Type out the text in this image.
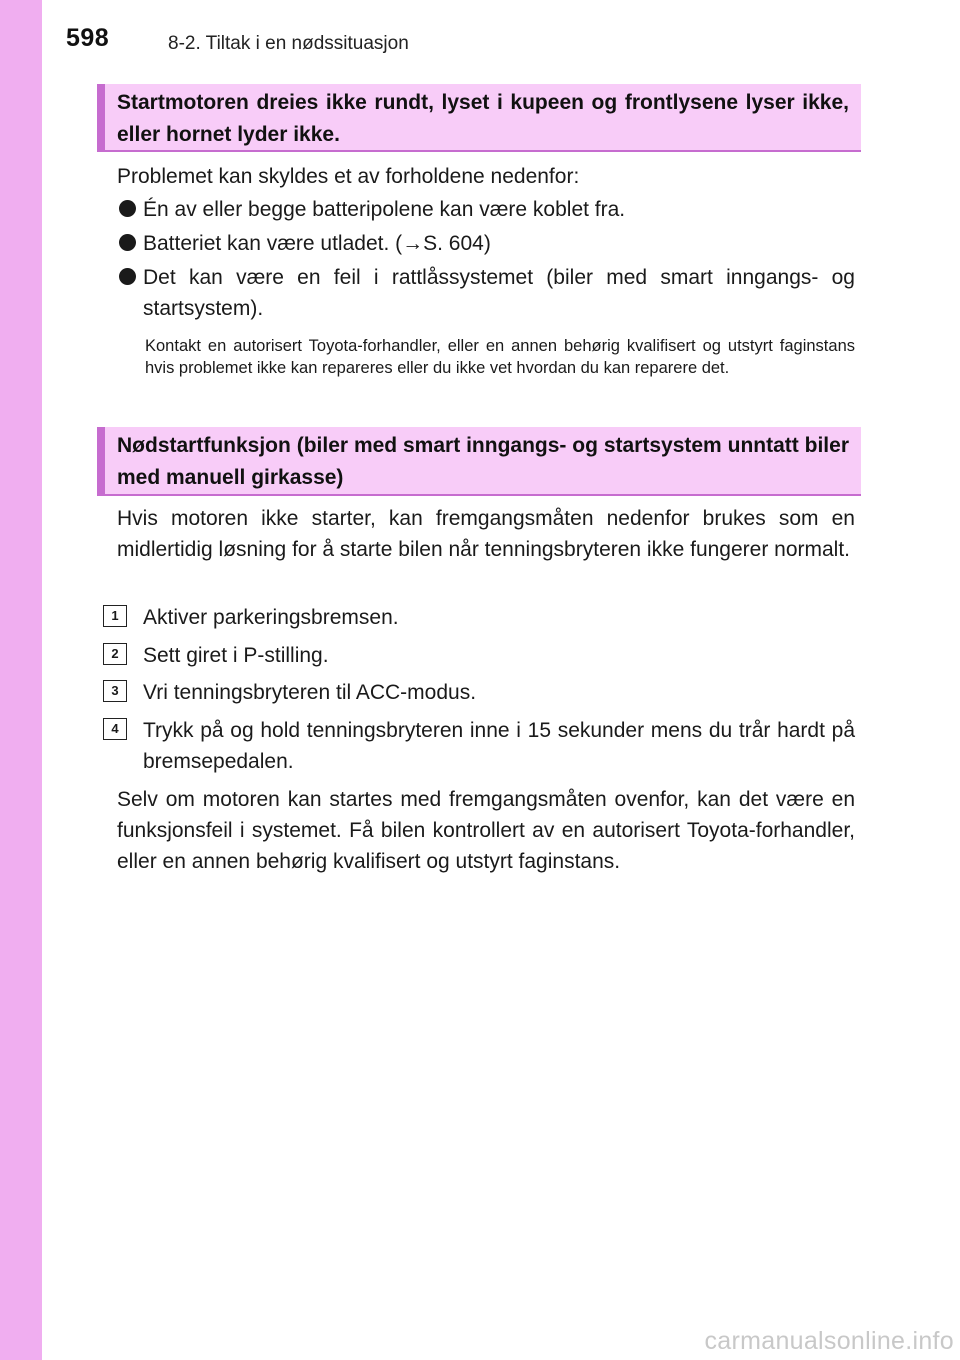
598	8-2. Tiltak i en nødssituasjon
Startmotoren dreies ikke rundt, lyset i kupeen og frontlysene lyser ikke, eller hornet lyder ikke.
Problemet kan skyldes et av forholdene nedenfor:
Én av eller begge batteripolene kan være koblet fra.
Batteriet kan være utladet. (→S. 604)
Det kan være en feil i rattlåssystemet (biler med smart inngangs- og startsystem).
Kontakt en autorisert Toyota-forhandler, eller en annen behørig kvalifisert og utstyrt faginstans hvis problemet ikke kan repareres eller du ikke vet hvordan du kan reparere det.
Nødstartfunksjon (biler med smart inngangs- og startsystem unntatt biler med manuell girkasse)
Hvis motoren ikke starter, kan fremgangsmåten nedenfor brukes som en midlertidig løsning for å starte bilen når tenningsbryteren ikke fungerer normalt.
1	Aktiver parkeringsbremsen.
2	Sett giret i P-stilling.
3	Vri tenningsbryteren til ACC-modus.
4	Trykk på og hold tenningsbryteren inne i 15 sekunder mens du trår hardt på bremsepedalen.
Selv om motoren kan startes med fremgangsmåten ovenfor, kan det være en funksjonsfeil i systemet. Få bilen kontrollert av en autorisert Toyota-forhandler, eller en annen behørig kvalifisert og utstyrt faginstans.
carmanualsonline.info
